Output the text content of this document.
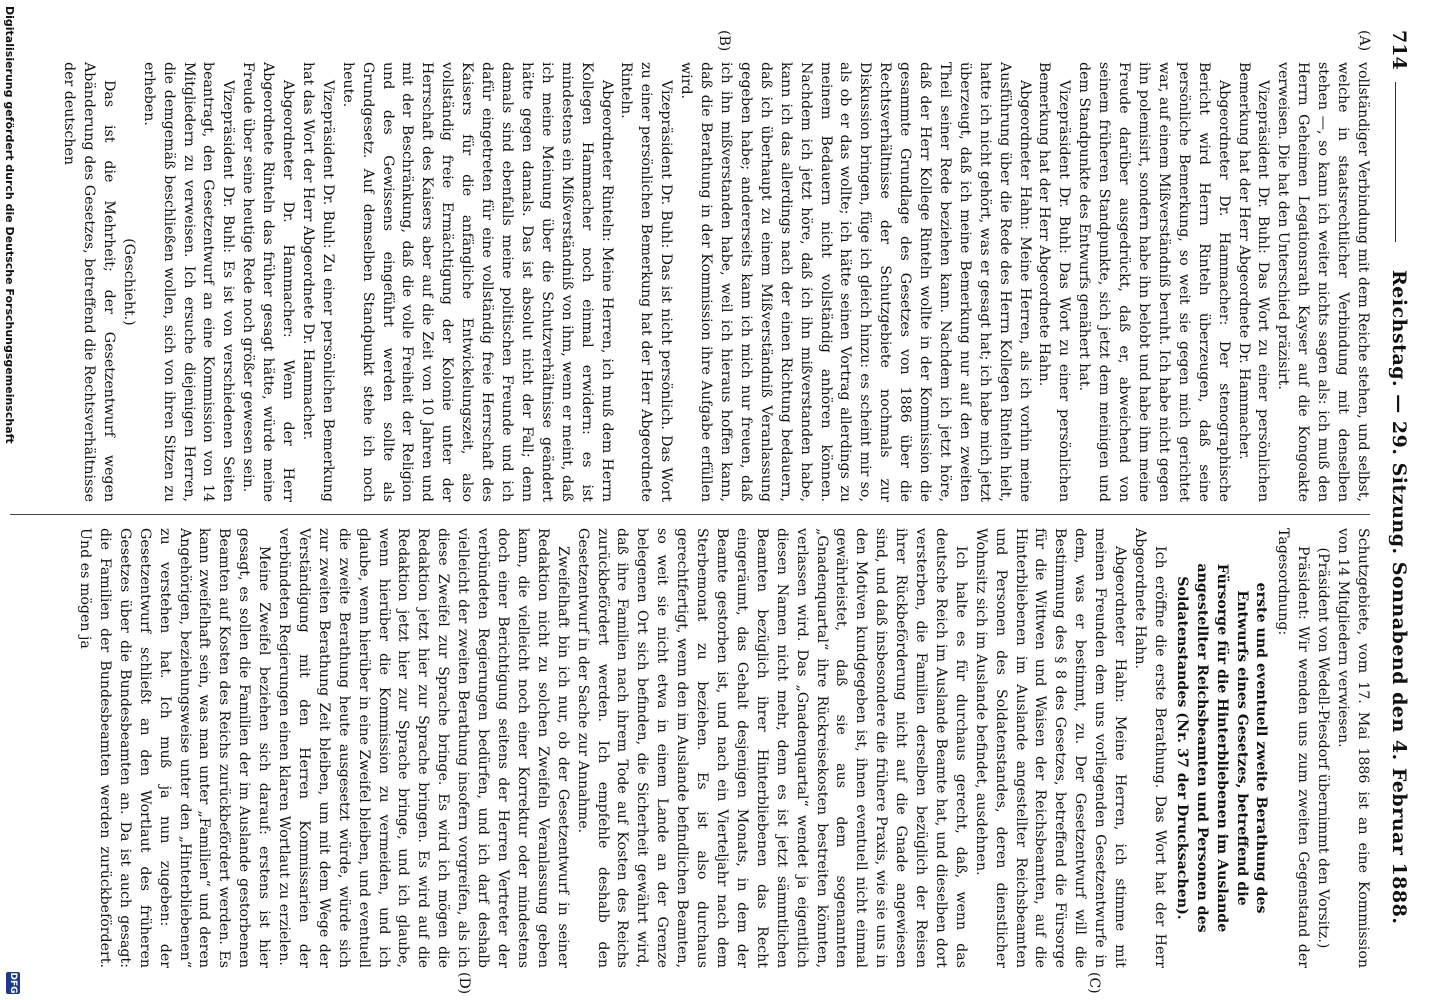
714
Reichstag. — 29. Sitzung. Sonnabend den 4. Februar 1888.
(A)
(B)
(C)
(D)

vollständiger Verbindung mit dem Reiche stehen, und selbst, welche in staatsrechtlicher Verbindung mit denselben stehen —, so kann ich weiter nichts sagen als: ich muß den Herrn Geheimen Legationsrath Kayser auf die Kongoakte verweisen. Die hat den Unterschied präzisirt.

Vizepräsident Dr. Buhl: Das Wort zu einer persönlichen Bemerkung hat der Herr Abgeordnete Dr. Hammacher.

Abgeordneter Dr. Hammacher: Der stenographische Bericht wird Herrn Rinteln überzeugen, daß seine persönliche Bemerkung, so weit sie gegen mich gerichtet war, auf einem Mißverständniß beruht. Ich habe nicht gegen ihn polemisirt, sondern habe ihn belobt und habe ihm meine Freude darüber ausgedrückt, daß er, abweichend von seinem früheren Standpunkte, sich jetzt dem meinigen und dem Standpunkte des Entwurfs genähert hat.

Vizepräsident Dr. Buhl: Das Wort zu einer persönlichen Bemerkung hat der Herr Abgeordnete Hahn.

Abgeordneter Hahn: Meine Herren, als ich vorhin meine Ausführung über die Rede des Herrn Kollegen Rinteln hielt, hatte ich nicht gehört, was er gesagt hat; ich habe mich jetzt überzeugt, daß ich meine Bemerkung nur auf den zweiten Theil seiner Rede beziehen kann. Nachdem ich jetzt höre, daß der Herr Kollege Rinteln wollte in der Kommission die gesammte Grundlage des Gesetzes von 1886 über die Rechtsverhältnisse der Schutzgebiete nochmals zur Diskussion bringen, füge ich gleich hinzu: es scheint mir so, als ob er das wollte; ich hätte seinen Vortrag allerdings zu meinem Bedauern nicht vollständig anhören können. Nachdem ich jetzt höre, daß ich ihn mißverstanden habe, kann ich das allerdings nach der einen Richtung bedauern, daß ich überhaupt zu einem Mißverständniß Veranlassung gegeben habe; andererseits kann ich mich nur freuen, daß ich ihn mißverstanden habe, weil ich hieraus hoffen kann, daß die Berathung in der Kommission ihre Aufgabe erfüllen wird.

Vizepräsident Dr. Buhl: Das ist nicht persönlich. Das Wort zu einer persönlichen Bemerkung hat der Herr Abgeordnete Rinteln.

Abgeordneter Rinteln: Meine Herren, ich muß dem Herrn Kollegen Hammacher noch einmal erwidern: es ist mindestens ein Mißverständniß von ihm, wenn er meint, daß ich meine Meinung über die Schutzverhältnisse geändert hätte gegen damals. Das ist absolut nicht der Fall; denn damals sind ebenfalls meine politischen Freunde und ich dafür eingetreten für eine vollständig freie Herrschaft des Kaisers für die anfängliche Entwickelungszeit, also vollständig freie Ermächtigung der Kolonie unter der Herrschaft des Kaisers aber auf die Zeit von 10 Jahren und mit der Beschränkung, daß die volle Freiheit der Religion und des Gewissens eingeführt werden sollte als Grundgesetz. Auf demselben Standpunkt stehe ich noch heute.

Vizepräsident Dr. Buhl: Zu einer persönlichen Bemerkung hat das Wort der Herr Abgeordnete Dr. Hammacher.

Abgeordneter Dr. Hammacher: Wenn der Herr Abgeordnete Rinteln das früher gesagt hätte, würde meine Freude über seine heutige Rede noch größer gewesen sein.

Vizepräsident Dr. Buhl: Es ist von verschiedenen Seiten beantragt, den Gesetzentwurf an eine Kommission von 14 Mitgliedern zu verweisen. Ich ersuche diejenigen Herren, die demgemäß beschließen wollen, sich von ihren Sitzen zu erheben.

(Geschieht.)

Das ist die Mehrheit; der Gesetzentwurf wegen Abänderung des Gesetzes, betreffend die Rechtsverhältnisse der deutschen

Schutzgebiete, vom 17. Mai 1886 ist an eine Kommission von 14 Mitgliedern verwiesen.

(Präsident von Wedell-Piesdorf übernimmt den Vorsitz.)

Präsident: Wir wenden uns zum zweiten Gegenstand der Tagesordnung:

erste und eventuell zweite Berathung des Entwurfs eines Gesetzes, betreffend die Fürsorge für die Hinterbliebenen im Auslande angestellter Reichsbeamten und Personen des Soldatenstandes (Nr. 37 der Drucksachen).

Ich eröffne die erste Berathung. Das Wort hat der Herr Abgeordnete Hahn.

Abgeordneter Hahn: Meine Herren, ich stimme mit meinen Freunden dem uns vorliegenden Gesetzentwurfe in dem, was er bestimmt, zu. Der Gesetzentwurf will die Bestimmung des § 8 des Gesetzes, betreffend die Fürsorge für die Wittwen und Waisen der Reichsbeamten, auf die Hinterbliebenen im Auslande angestellter Reichsbeamten und Personen des Soldatenstandes, deren dienstlicher Wohnsitz sich im Auslande befindet, ausdehnen.

Ich halte es für durchaus gerecht, daß, wenn das deutsche Reich im Auslande Beamte hat, und dieselben dort versterben, die Familien derselben bezüglich der Reisen ihrer Rückbeförderung nicht auf die Gnade angewiesen sind, und daß insbesondere die frühere Praxis, wie sie uns in den Motiven kundgegeben ist, ihnen eventuell nicht einmal gewährleistet, daß sie aus dem sogenannten „Gnadenquartal“ ihre Rückreisekosten bestreiten könnten, verlassen wird. Das „Gnadenquartal“ wendet ja eigentlich diesen Namen nicht mehr, denn es ist jetzt sämmtlichen Beamten bezüglich ihrer Hinterbliebenen das Recht eingeräumt, das Gehalt desjenigen Monats, in dem der Beamte gestorben ist, und nach ein Vierteljahr nach dem Sterbemonat zu beziehen. Es ist also durchaus gerechtfertigt, wenn den im Auslande befindlichen Beamten, so weit sie nicht etwa in einem Lande an der Grenze belegenen Ort sich befinden, die Sicherheit gewährt wird, daß ihre Familien nach ihrem Tode auf Kosten des Reichs zurückbefördert werden. Ich empfehle deshalb den Gesetzentwurf in der Sache zur Annahme.

Zweifelhaft bin ich nur, ob der Gesetzentwurf in seiner Redaktion nicht zu solchen Zweifeln Veranlassung geben kann, die vielleicht noch einer Korrektur oder mindestens doch einer Berichtigung seitens der Herren Vertreter der verbündeten Regierungen bedürfen, und ich darf deshalb vielleicht der zweiten Berathung insofern vorgreifen, als ich diese Zweifel zur Sprache bringe. Es wird ich mögen die Redaktion jetzt hier zur Sprache bringen. Es wird auf die Redaktion jetzt hier zur Sprache bringe, und ich glaube, wenn hierüber die Kommission zu vermeiden, und ich glaube, wenn hierüber in eine Zweifel bleiben, und eventuell die zweite Berathung heute ausgesetzt würde, würde sich zur zweiten Berathung Zeit bleiben, um mit dem Wege der Verständigung mit den Herren Kommissarien der verbündeten Regierungen einen klaren Wortlaut zu erzielen.

Meine Zweifel beziehen sich darauf: erstens ist hier gesagt, es sollen die Familien der im Auslande gestorbenen Beamten auf Kosten des Reichs zurückbefördert werden. Es kann zweifelhaft sein, was man unter „Familien“ und deren Angehörigen, beziehungsweise unter den „Hinterbliebenen“ zu verstehen hat. Ich muß ja nun zugeben: der Gesetzentwurf schließt an den Wortlaut des früheren Gesetzes über die Bundesbeamten an. Da ist auch gesagt: die Familien der Bundesbeamten werden zurückbefördert. Und es mögen ja

Digitalisierung gefördert durch die Deutsche Forschungsgemeinschaft
DFG
